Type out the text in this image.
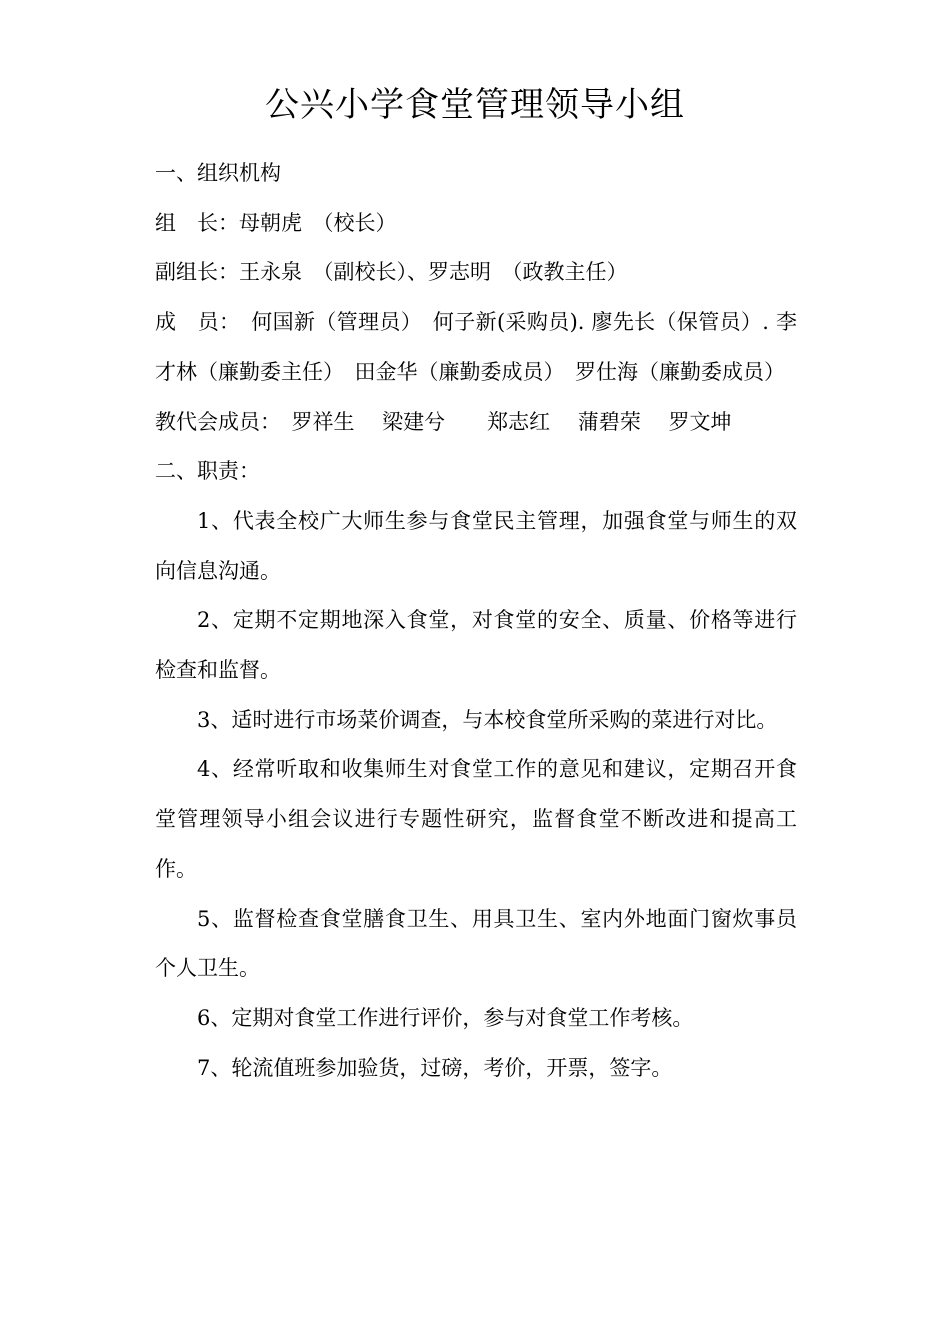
公兴小学食堂管理领导小组

一、组织机构

组　长：母朝虎　（校长）

副组长：王永泉　（副校长）、罗志明　（政教主任）

成　员：　何国新（管理员）　何子新(采购员). 廖先长（保管员）. 李才林（廉勤委主任）　田金华（廉勤委成员）　罗仕海（廉勤委成员）

教代会成员：　罗祥生　 梁建兮　　郑志红　 蒲碧荣　 罗文坤

二、职责：

1、代表全校广大师生参与食堂民主管理，加强食堂与师生的双向信息沟通。

2、定期不定期地深入食堂，对食堂的安全、质量、价格等进行检查和监督。

3、适时进行市场菜价调查，与本校食堂所采购的菜进行对比。

4、经常听取和收集师生对食堂工作的意见和建议，定期召开食堂管理领导小组会议进行专题性研究，监督食堂不断改进和提高工作。

5、监督检查食堂膳食卫生、用具卫生、室内外地面门窗炊事员个人卫生。

6、定期对食堂工作进行评价，参与对食堂工作考核。

7、轮流值班参加验货，过磅，考价，开票，签字。
